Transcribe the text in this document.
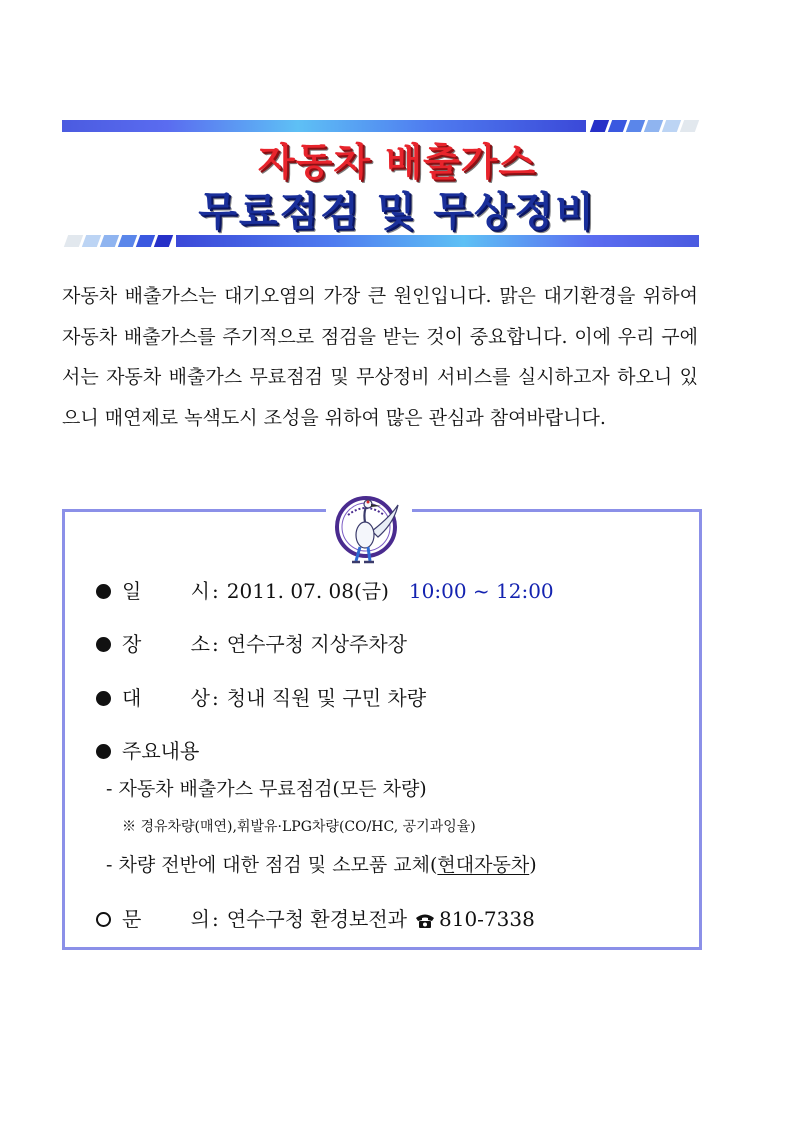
자동차 배출가스
무료점검 및 무상정비

자동차 배출가스는 대기오염의 가장 큰 원인입니다. 맑은 대기환경을 위하여 자동차 배출가스를 주기적으로 점검을 받는 것이 중요합니다. 이에 우리 구에서는 자동차 배출가스 무료점검 및 무상정비 서비스를 실시하고자 하오니 있으니 매연제로 녹색도시 조성을 위하여 많은 관심과 참여바랍니다.

일 시 : 2011. 07. 08(금) 10:00 ~ 12:00
장 소 : 연수구청 지상주차장
대 상 : 청내 직원 및 구민 차량
주요내용
- 자동차 배출가스 무료점검(모든 차량)
※ 경유차량(매연),휘발유·LPG차량(CO/HC, 공기과잉율)
- 차량 전반에 대한 점검 및 소모품 교체(현대자동차)
문 의 : 연수구청 환경보전과 810-7338
